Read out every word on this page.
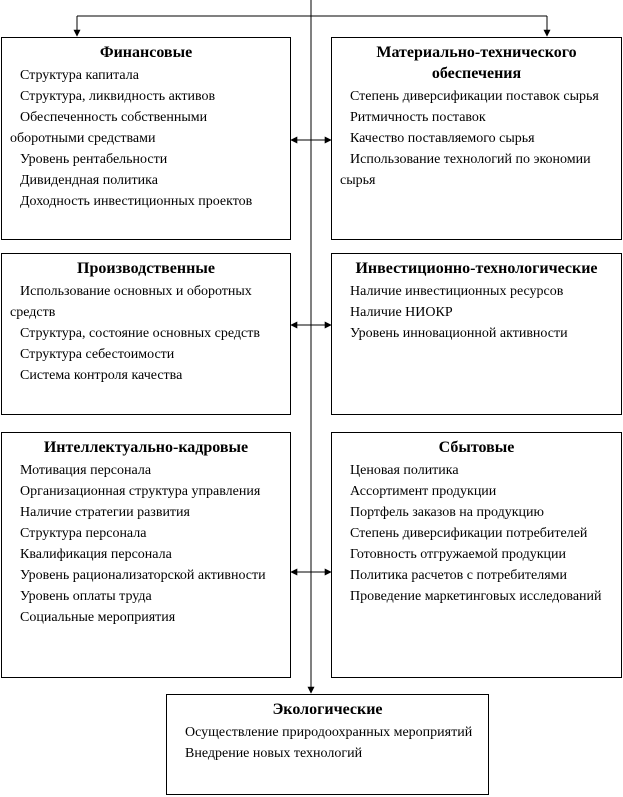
Финансовые
Структура капитала
Структура, ликвидность активов
Обеспеченность собственными оборотными средствами
Уровень рентабельности
Дивидендная политика
Доходность инвестиционных проектов
Материально-технического обеспечения
Степень диверсификации поставок сырья
Ритмичность поставок
Качество поставляемого сырья
Использование технологий по экономии сырья
Производственные
Использование основных и оборотных средств
Структура, состояние основных средств
Структура себестоимости
Система контроля качества
Инвестиционно-технологические
Наличие инвестиционных ресурсов
Наличие НИОКР
Уровень инновационной активности
Интеллектуально-кадровые
Мотивация персонала
Организационная структура управления
Наличие стратегии развития
Структура персонала
Квалификация персонала
Уровень рационализаторской активности
Уровень оплаты труда
Социальные мероприятия
Сбытовые
Ценовая политика
Ассортимент продукции
Портфель заказов на продукцию
Степень диверсификации потребителей
Готовность отгружаемой продукции
Политика расчетов с потребителями
Проведение маркетинговых исследований
Экологические
Осуществление природоохранных мероприятий
Внедрение новых технологий
